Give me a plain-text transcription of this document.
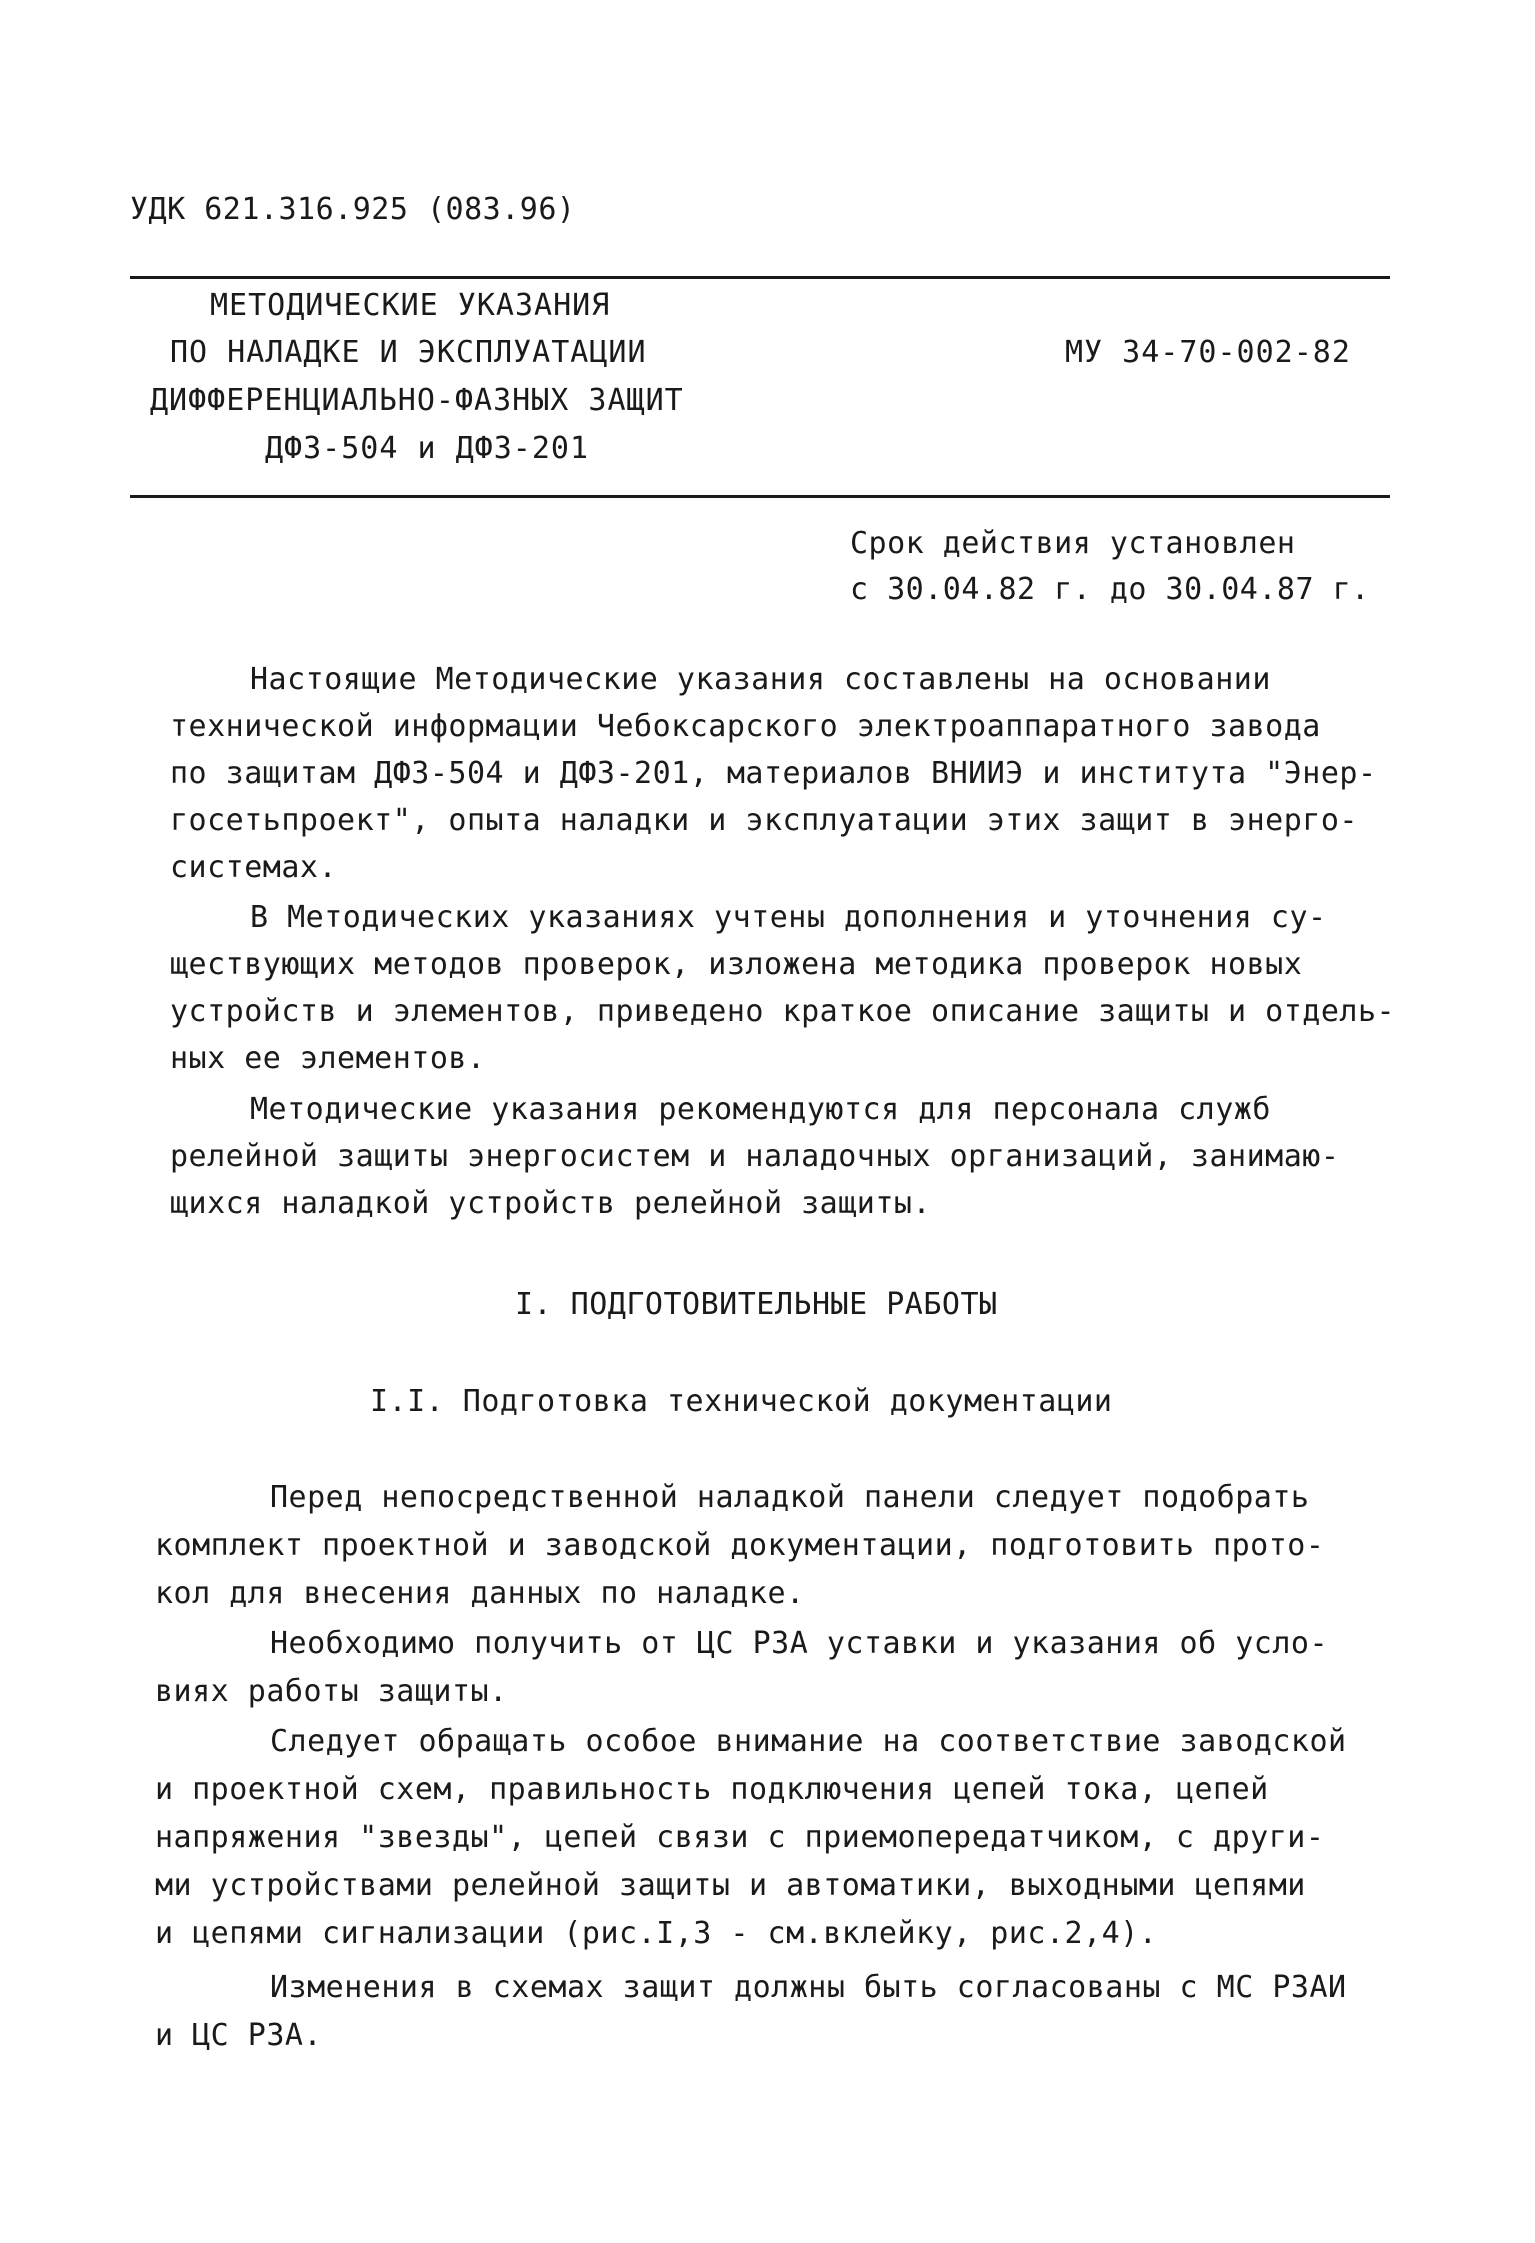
УДК 621.316.925 (083.96)
МЕТОДИЧЕСКИЕ УКАЗАНИЯ
ПО НАЛАДКЕ И ЭКСПЛУАТАЦИИ
ДИФФЕРЕНЦИАЛЬНО-ФАЗНЫХ ЗАЩИТ
ДФЗ-504 и ДФЗ-201
МУ 34-70-002-82
Срок действия установлен
с 30.04.82 г. до 30.04.87 г.
Настоящие Методические указания составлены на основании
технической информации Чебоксарского электроаппаратного завода
по защитам ДФЗ-504 и ДФЗ-201, материалов ВНИИЭ и института "Энер-
госетьпроект", опыта наладки и эксплуатации этих защит в энерго-
системах.
В Методических указаниях учтены дополнения и уточнения су-
ществующих методов проверок, изложена методика проверок новых
устройств и элементов, приведено краткое описание защиты и отдель-
ных ее элементов.
Методические указания рекомендуются для персонала служб
релейной защиты энергосистем и наладочных организаций, занимаю-
щихся наладкой устройств релейной защиты.
I. ПОДГОТОВИТЕЛЬНЫЕ РАБОТЫ
I.I. Подготовка технической документации
Перед непосредственной наладкой панели следует подобрать
комплект проектной и заводской документации, подготовить прото-
кол для внесения данных по наладке.
Необходимо получить от ЦС РЗА уставки и указания об усло-
виях работы защиты.
Следует обращать особое внимание на соответствие заводской
и проектной схем, правильность подключения цепей тока, цепей
напряжения "звезды", цепей связи с приемопередатчиком, с други-
ми устройствами релейной защиты и автоматики, выходными цепями
и цепями сигнализации (рис.I,3 - см.вклейку, рис.2,4).
Изменения в схемах защит должны быть согласованы с МС РЗАИ
и ЦС РЗА.
